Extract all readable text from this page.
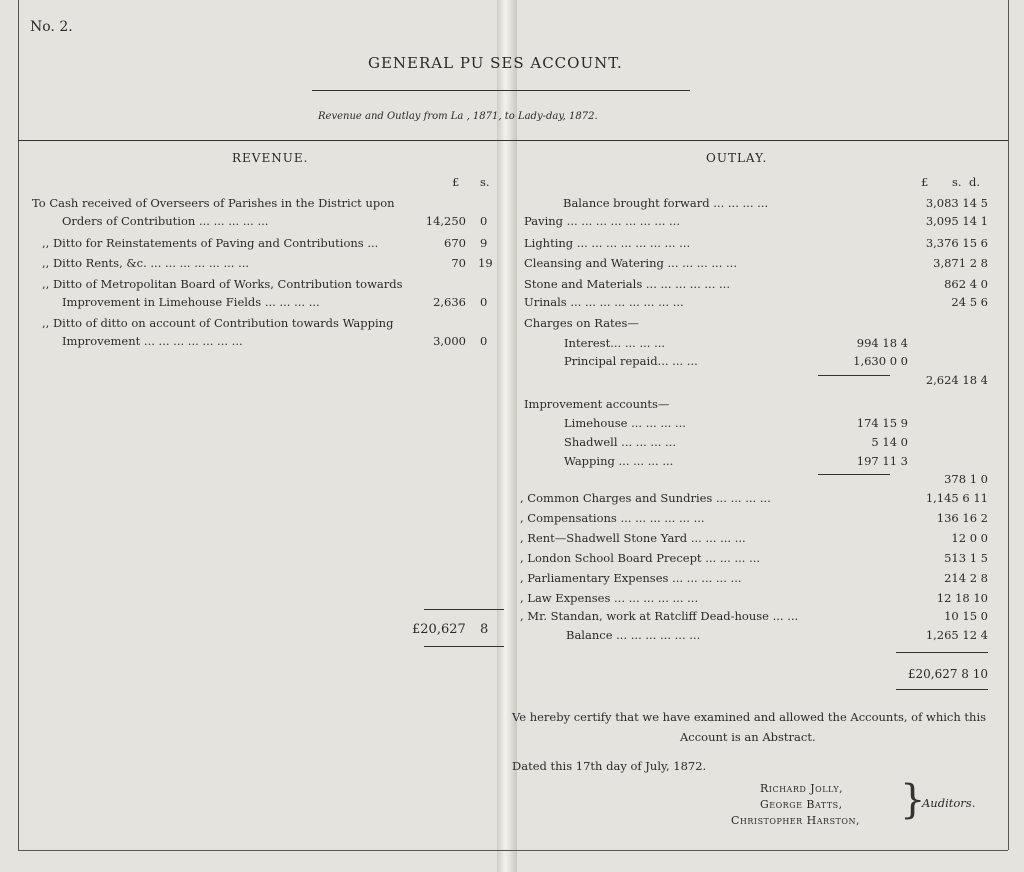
No. 2.
GENERAL PU SES ACCOUNT.
Revenue and Outlay from La , 1871, to Lady-day, 1872.
REVENUE.
£ s.
To Cash received of Overseers of Parishes in the District upon
Orders of Contribution ... ... ... ... ...	14,250 0
,, Ditto for Reinstatements of Paving and Contributions ...	670 9
,, Ditto Rents, &c. ... ... ... ... ... ... ...	70 19
,, Ditto of Metropolitan Board of Works, Contribution towards
Improvement in Limehouse Fields ... ... ... ...	2,636 0
,, Ditto of ditto on account of Contribution towards Wapping
Improvement ... ... ... ... ... ... ...	3,000 0
£20,627 8
OUTLAY.
£ s. d.
Balance brought forward ... ... ... ...	3,083 14 5
Paving ... ... ... ... ... ... ... ...	3,095 14 1
Lighting ... ... ... ... ... ... ... ...	3,376 15 6
Cleansing and Watering ... ... ... ... ...	3,871 2 8
Stone and Materials ... ... ... ... ... ...	862 4 0
Urinals ... ... ... ... ... ... ... ...	24 5 6
Charges on Rates—
Interest... ... ... ...	994 18 4
Principal repaid... ... ...	1,630 0 0
2,624 18 4
Improvement accounts—
Limehouse ... ... ... ...	174 15 9
Shadwell ... ... ... ...	5 14 0
Wapping ... ... ... ...	197 11 3
378 1 0
, Common Charges and Sundries ... ... ... ...	1,145 6 11
, Compensations ... ... ... ... ... ...	136 16 2
, Rent—Shadwell Stone Yard ... ... ... ...	12 0 0
, London School Board Precept ... ... ... ...	513 1 5
, Parliamentary Expenses ... ... ... ... ...	214 2 8
, Law Expenses ... ... ... ... ... ...	12 18 10
, Mr. Standan, work at Ratcliff Dead-house ... ...	10 15 0
Balance ... ... ... ... ... ...	1,265 12 4
£20,627 8 10
Ve hereby certify that we have examined and allowed the Accounts, of which this
Account is an Abstract.
Dated this 17th day of July, 1872.
Richard Jolly,
George Batts,
Christopher Harston, }
Auditors.
